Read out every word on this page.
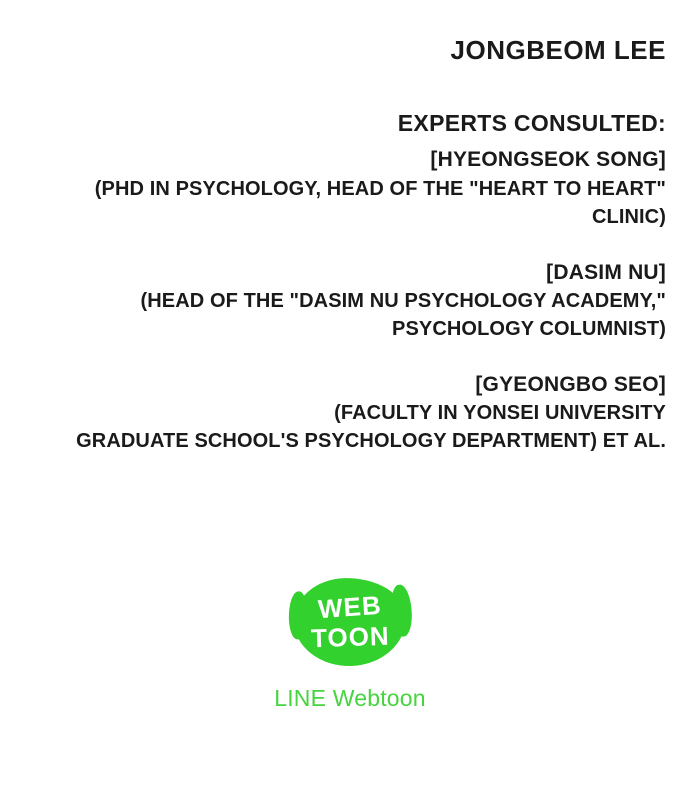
JONGBEOM LEE
EXPERTS CONSULTED:
[HYEONGSEOK SONG]
(PHD IN PSYCHOLOGY, HEAD OF THE "HEART TO HEART" CLINIC)
[DASIM NU]
(HEAD OF THE "DASIM NU PSYCHOLOGY ACADEMY,"
PSYCHOLOGY COLUMNIST)
[GYEONGBO SEO]
(FACULTY IN YONSEI UNIVERSITY
GRADUATE SCHOOL'S PSYCHOLOGY DEPARTMENT) ET AL.
WEB
TOON
LINE Webtoon
